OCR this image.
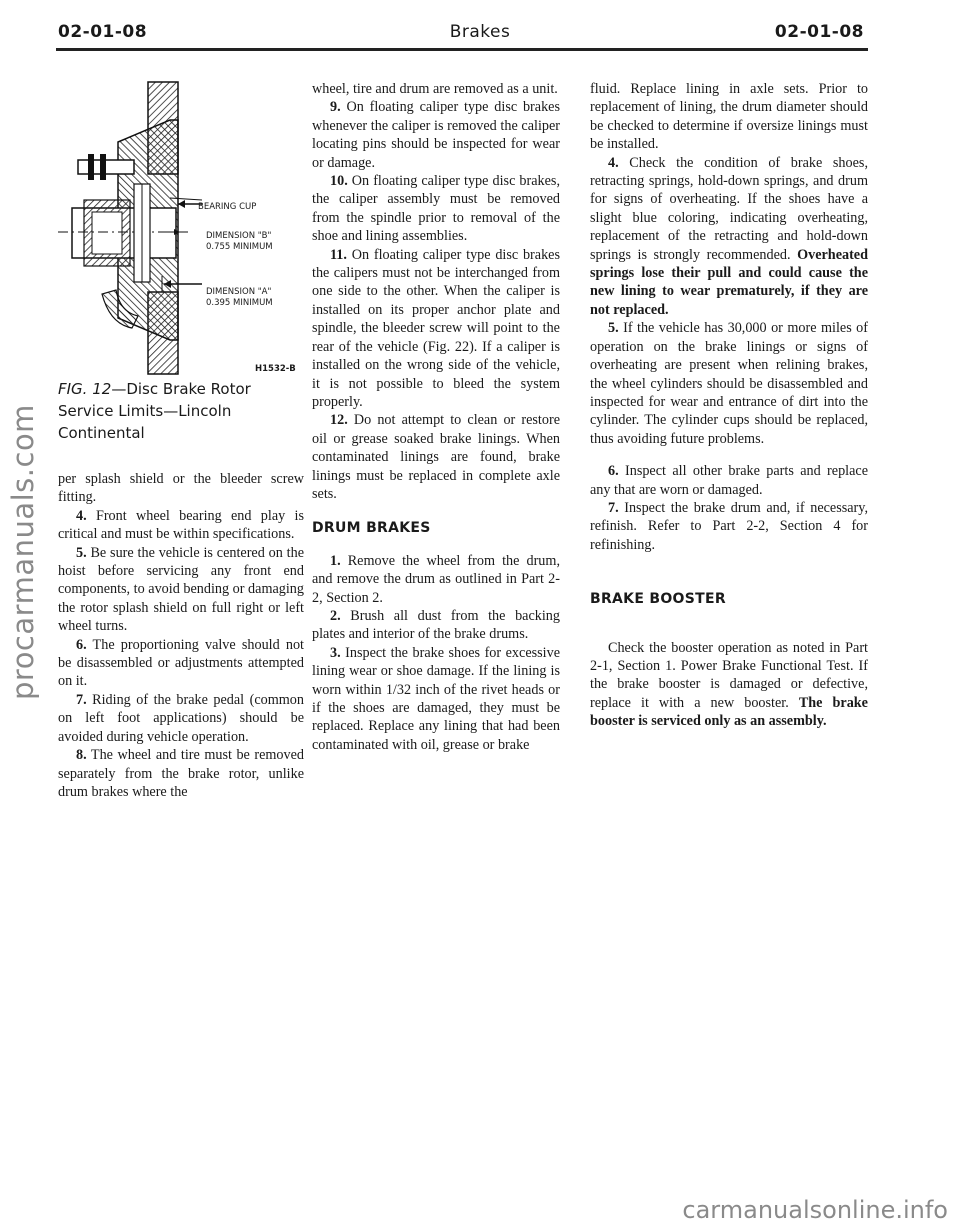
02-01-08	Brakes	02-01-08
BEARING CUP
DIMENSION "B"
0.755 MINIMUM
DIMENSION "A"
0.395 MINIMUM
H1532-B
FIG. 12—Disc Brake Rotor Service Limits—Lincoln Continental

per splash shield or the bleeder screw fitting.

4. Front wheel bearing end play is critical and must be within specifications.

5. Be sure the vehicle is centered on the hoist before servicing any front end components, to avoid bending or damaging the rotor splash shield on full right or left wheel turns.

6. The proportioning valve should not be disassembled or adjustments attempted on it.

7. Riding of the brake pedal (common on left foot applications) should be avoided during vehicle operation.

8. The wheel and tire must be removed separately from the brake rotor, unlike drum brakes where the

wheel, tire and drum are removed as a unit.

9. On floating caliper type disc brakes whenever the caliper is removed the caliper locating pins should be inspected for wear or damage.

10. On floating caliper type disc brakes, the caliper assembly must be removed from the spindle prior to removal of the shoe and lining assemblies.

11. On floating caliper type disc brakes the calipers must not be interchanged from one side to the other. When the caliper is installed on its proper anchor plate and spindle, the bleeder screw will point to the rear of the vehicle (Fig. 22). If a caliper is installed on the wrong side of the vehicle, it is not possible to bleed the system properly.

12. Do not attempt to clean or restore oil or grease soaked brake linings. When contaminated linings are found, brake linings must be replaced in complete axle sets.

DRUM BRAKES

1. Remove the wheel from the drum, and remove the drum as outlined in Part 2-2, Section 2.

2. Brush all dust from the backing plates and interior of the brake drums.

3. Inspect the brake shoes for excessive lining wear or shoe damage. If the lining is worn within 1/32 inch of the rivet heads or if the shoes are damaged, they must be replaced. Replace any lining that had been contaminated with oil, grease or brake

fluid. Replace lining in axle sets. Prior to replacement of lining, the drum diameter should be checked to determine if oversize linings must be installed.

4. Check the condition of brake shoes, retracting springs, hold-down springs, and drum for signs of overheating. If the shoes have a slight blue coloring, indicating overheating, replacement of the retracting and hold-down springs is strongly recommended. Overheated springs lose their pull and could cause the new lining to wear prematurely, if they are not replaced.

5. If the vehicle has 30,000 or more miles of operation on the brake linings or signs of overheating are present when relining brakes, the wheel cylinders should be disassembled and inspected for wear and entrance of dirt into the cylinder. The cylinder cups should be replaced, thus avoiding future problems.

6. Inspect all other brake parts and replace any that are worn or damaged.

7. Inspect the brake drum and, if necessary, refinish. Refer to Part 2-2, Section 4 for refinishing.

BRAKE BOOSTER

Check the booster operation as noted in Part 2-1, Section 1. Power Brake Functional Test. If the brake booster is damaged or defective, replace it with a new booster. The brake booster is serviced only as an assembly.

procarmanuals.com
carmanualsonline.info
